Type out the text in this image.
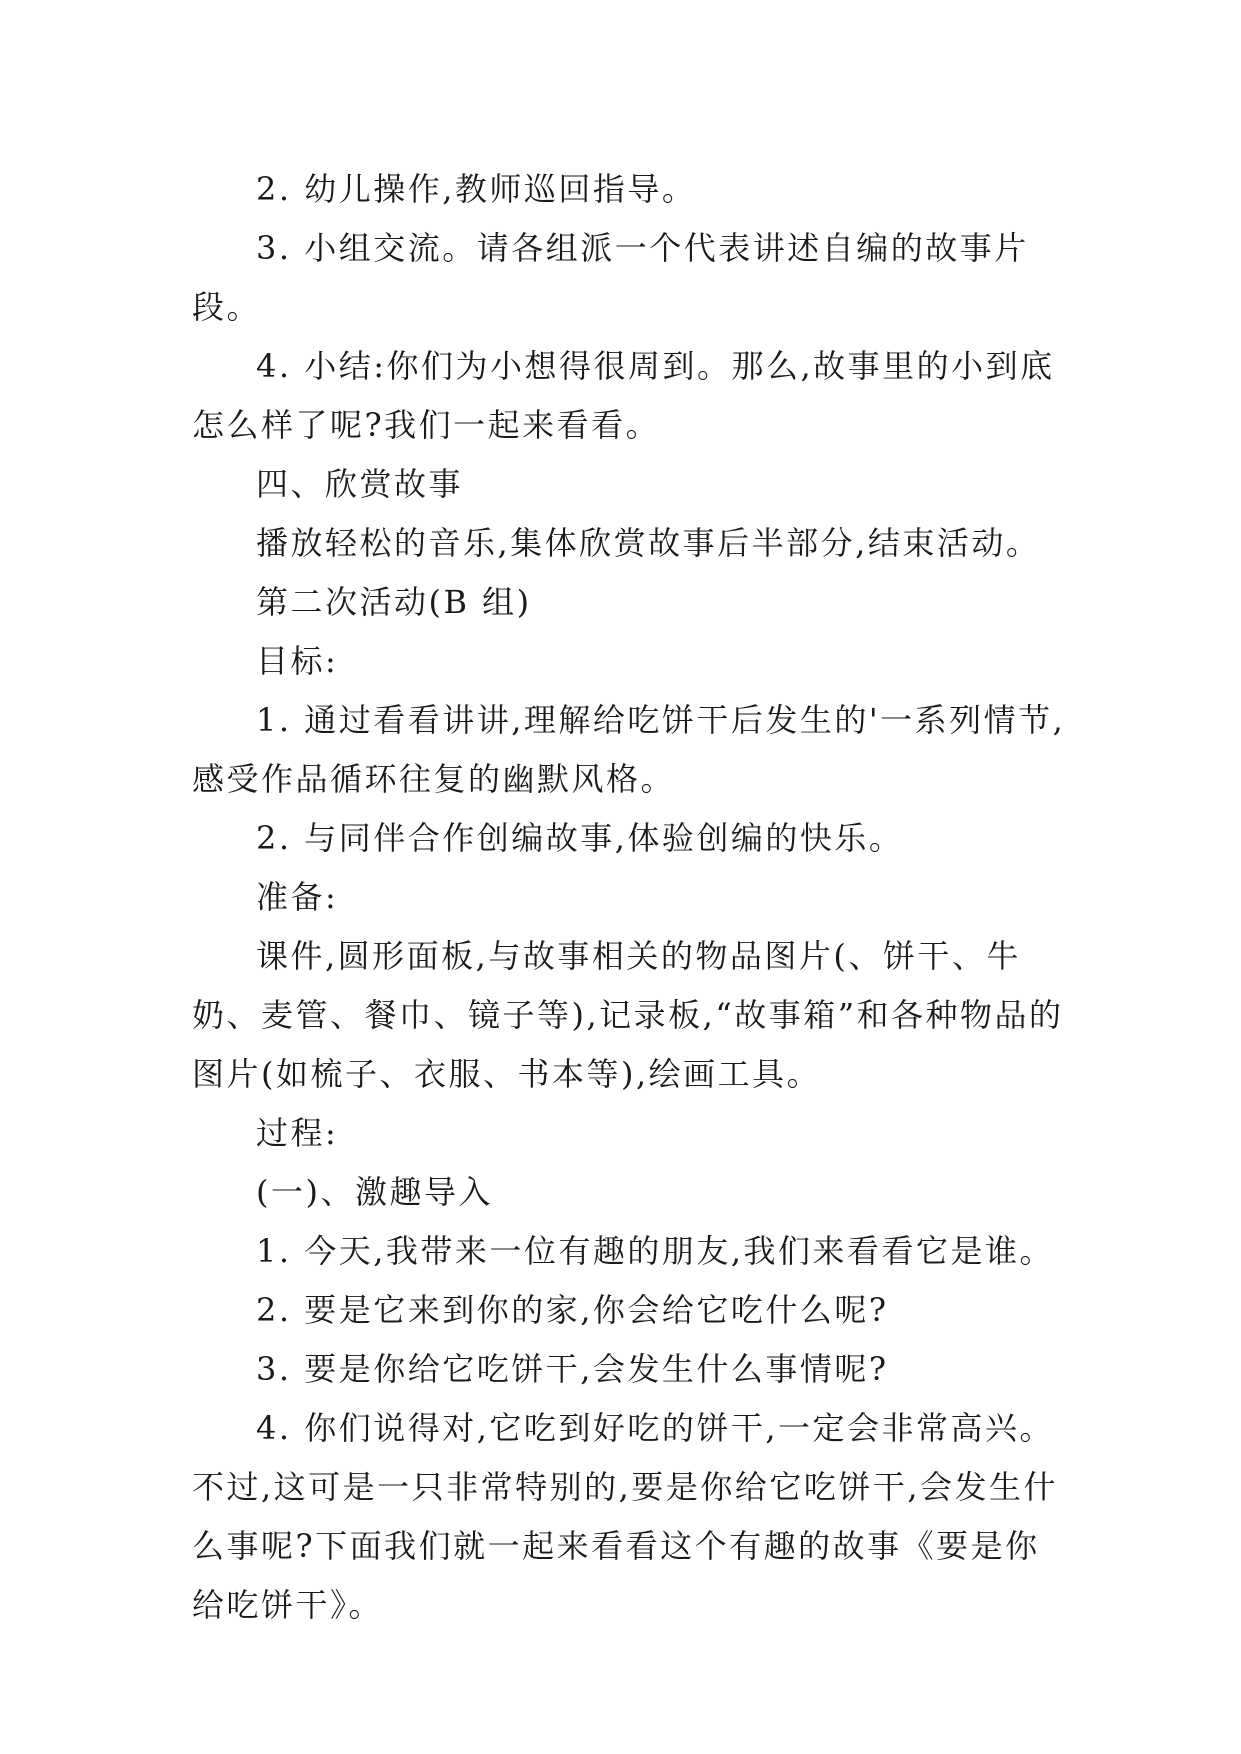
2. 幼儿操作,教师巡回指导。

3. 小组交流。请各组派一个代表讲述自编的故事片段。

4. 小结:你们为小想得很周到。那么,故事里的小到底怎么样了呢?我们一起来看看。

四、欣赏故事

播放轻松的音乐,集体欣赏故事后半部分,结束活动。

第二次活动(B 组)

目标:

1. 通过看看讲讲,理解给吃饼干后发生的'一系列情节,感受作品循环往复的幽默风格。

2. 与同伴合作创编故事,体验创编的快乐。

准备:

课件,圆形面板,与故事相关的物品图片(、饼干、牛奶、麦管、餐巾、镜子等),记录板,“故事箱”和各种物品的图片(如梳子、衣服、书本等),绘画工具。

过程:

(一)、激趣导入

1. 今天,我带来一位有趣的朋友,我们来看看它是谁。

2. 要是它来到你的家,你会给它吃什么呢?

3. 要是你给它吃饼干,会发生什么事情呢?

4. 你们说得对,它吃到好吃的饼干,一定会非常高兴。不过,这可是一只非常特别的,要是你给它吃饼干,会发生什么事呢?下面我们就一起来看看这个有趣的故事《要是你给吃饼干》。
